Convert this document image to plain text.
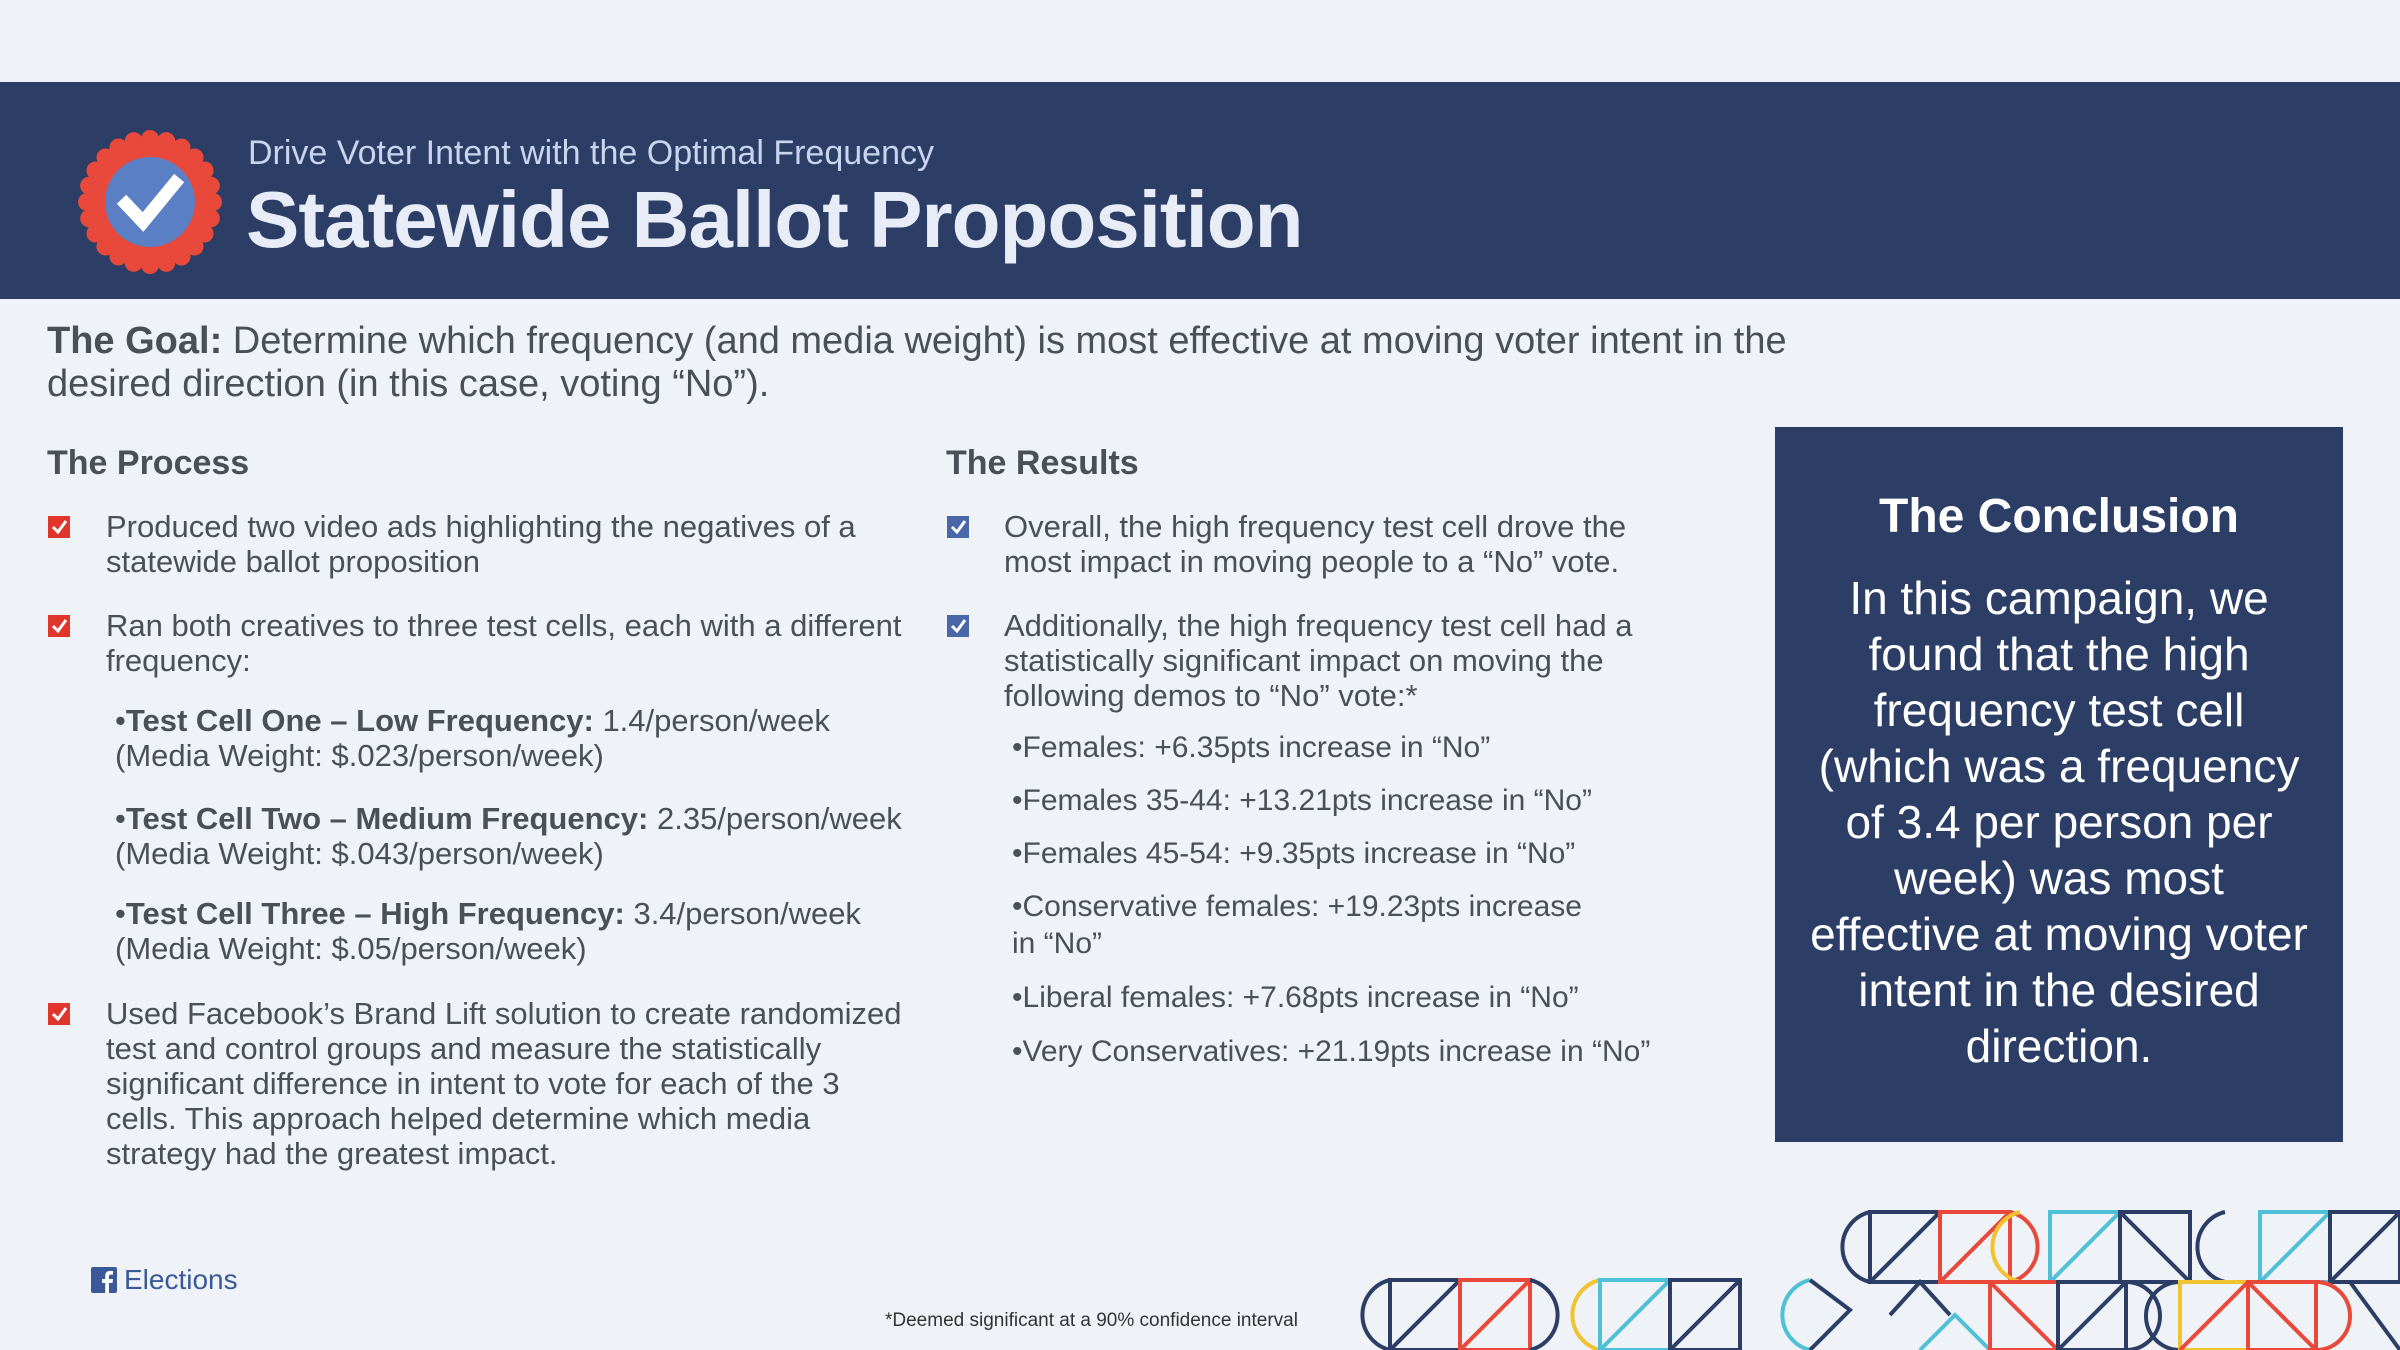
Drive Voter Intent with the Optimal Frequency
Statewide Ballot Proposition
The Goal: Determine which frequency (and media weight) is most effective at moving voter intent in the desired direction (in this case, voting “No”).
The Process
Produced two video ads highlighting the negatives of a statewide ballot proposition
Ran both creatives to three test cells, each with a different frequency:
•Test Cell One – Low Frequency: 1.4/person/week
(Media Weight: $.023/person/week)
•Test Cell Two – Medium Frequency: 2.35/person/week
(Media Weight: $.043/person/week)
•Test Cell Three – High Frequency: 3.4/person/week
(Media Weight: $.05/person/week)
Used Facebook’s Brand Lift solution to create randomized test and control groups and measure the statistically significant difference in intent to vote for each of the 3 cells. This approach helped determine which media strategy had the greatest impact.
The Results
Overall, the high frequency test cell drove the most impact in moving people to a “No” vote.
Additionally, the high frequency test cell had a statistically significant impact on moving the following demos to “No” vote:*
•Females: +6.35pts increase in “No”
•Females 35-44: +13.21pts increase in “No”
•Females 45-54: +9.35pts increase in “No”
•Conservative females: +19.23pts increase in “No”
•Liberal females: +7.68pts increase in “No”
•Very Conservatives: +21.19pts increase in “No”
The Conclusion
In this campaign, we found that the high frequency test cell (which was a frequency of 3.4 per person per week) was most effective at moving voter intent in the desired direction.
Elections
*Deemed significant at a 90% confidence interval
